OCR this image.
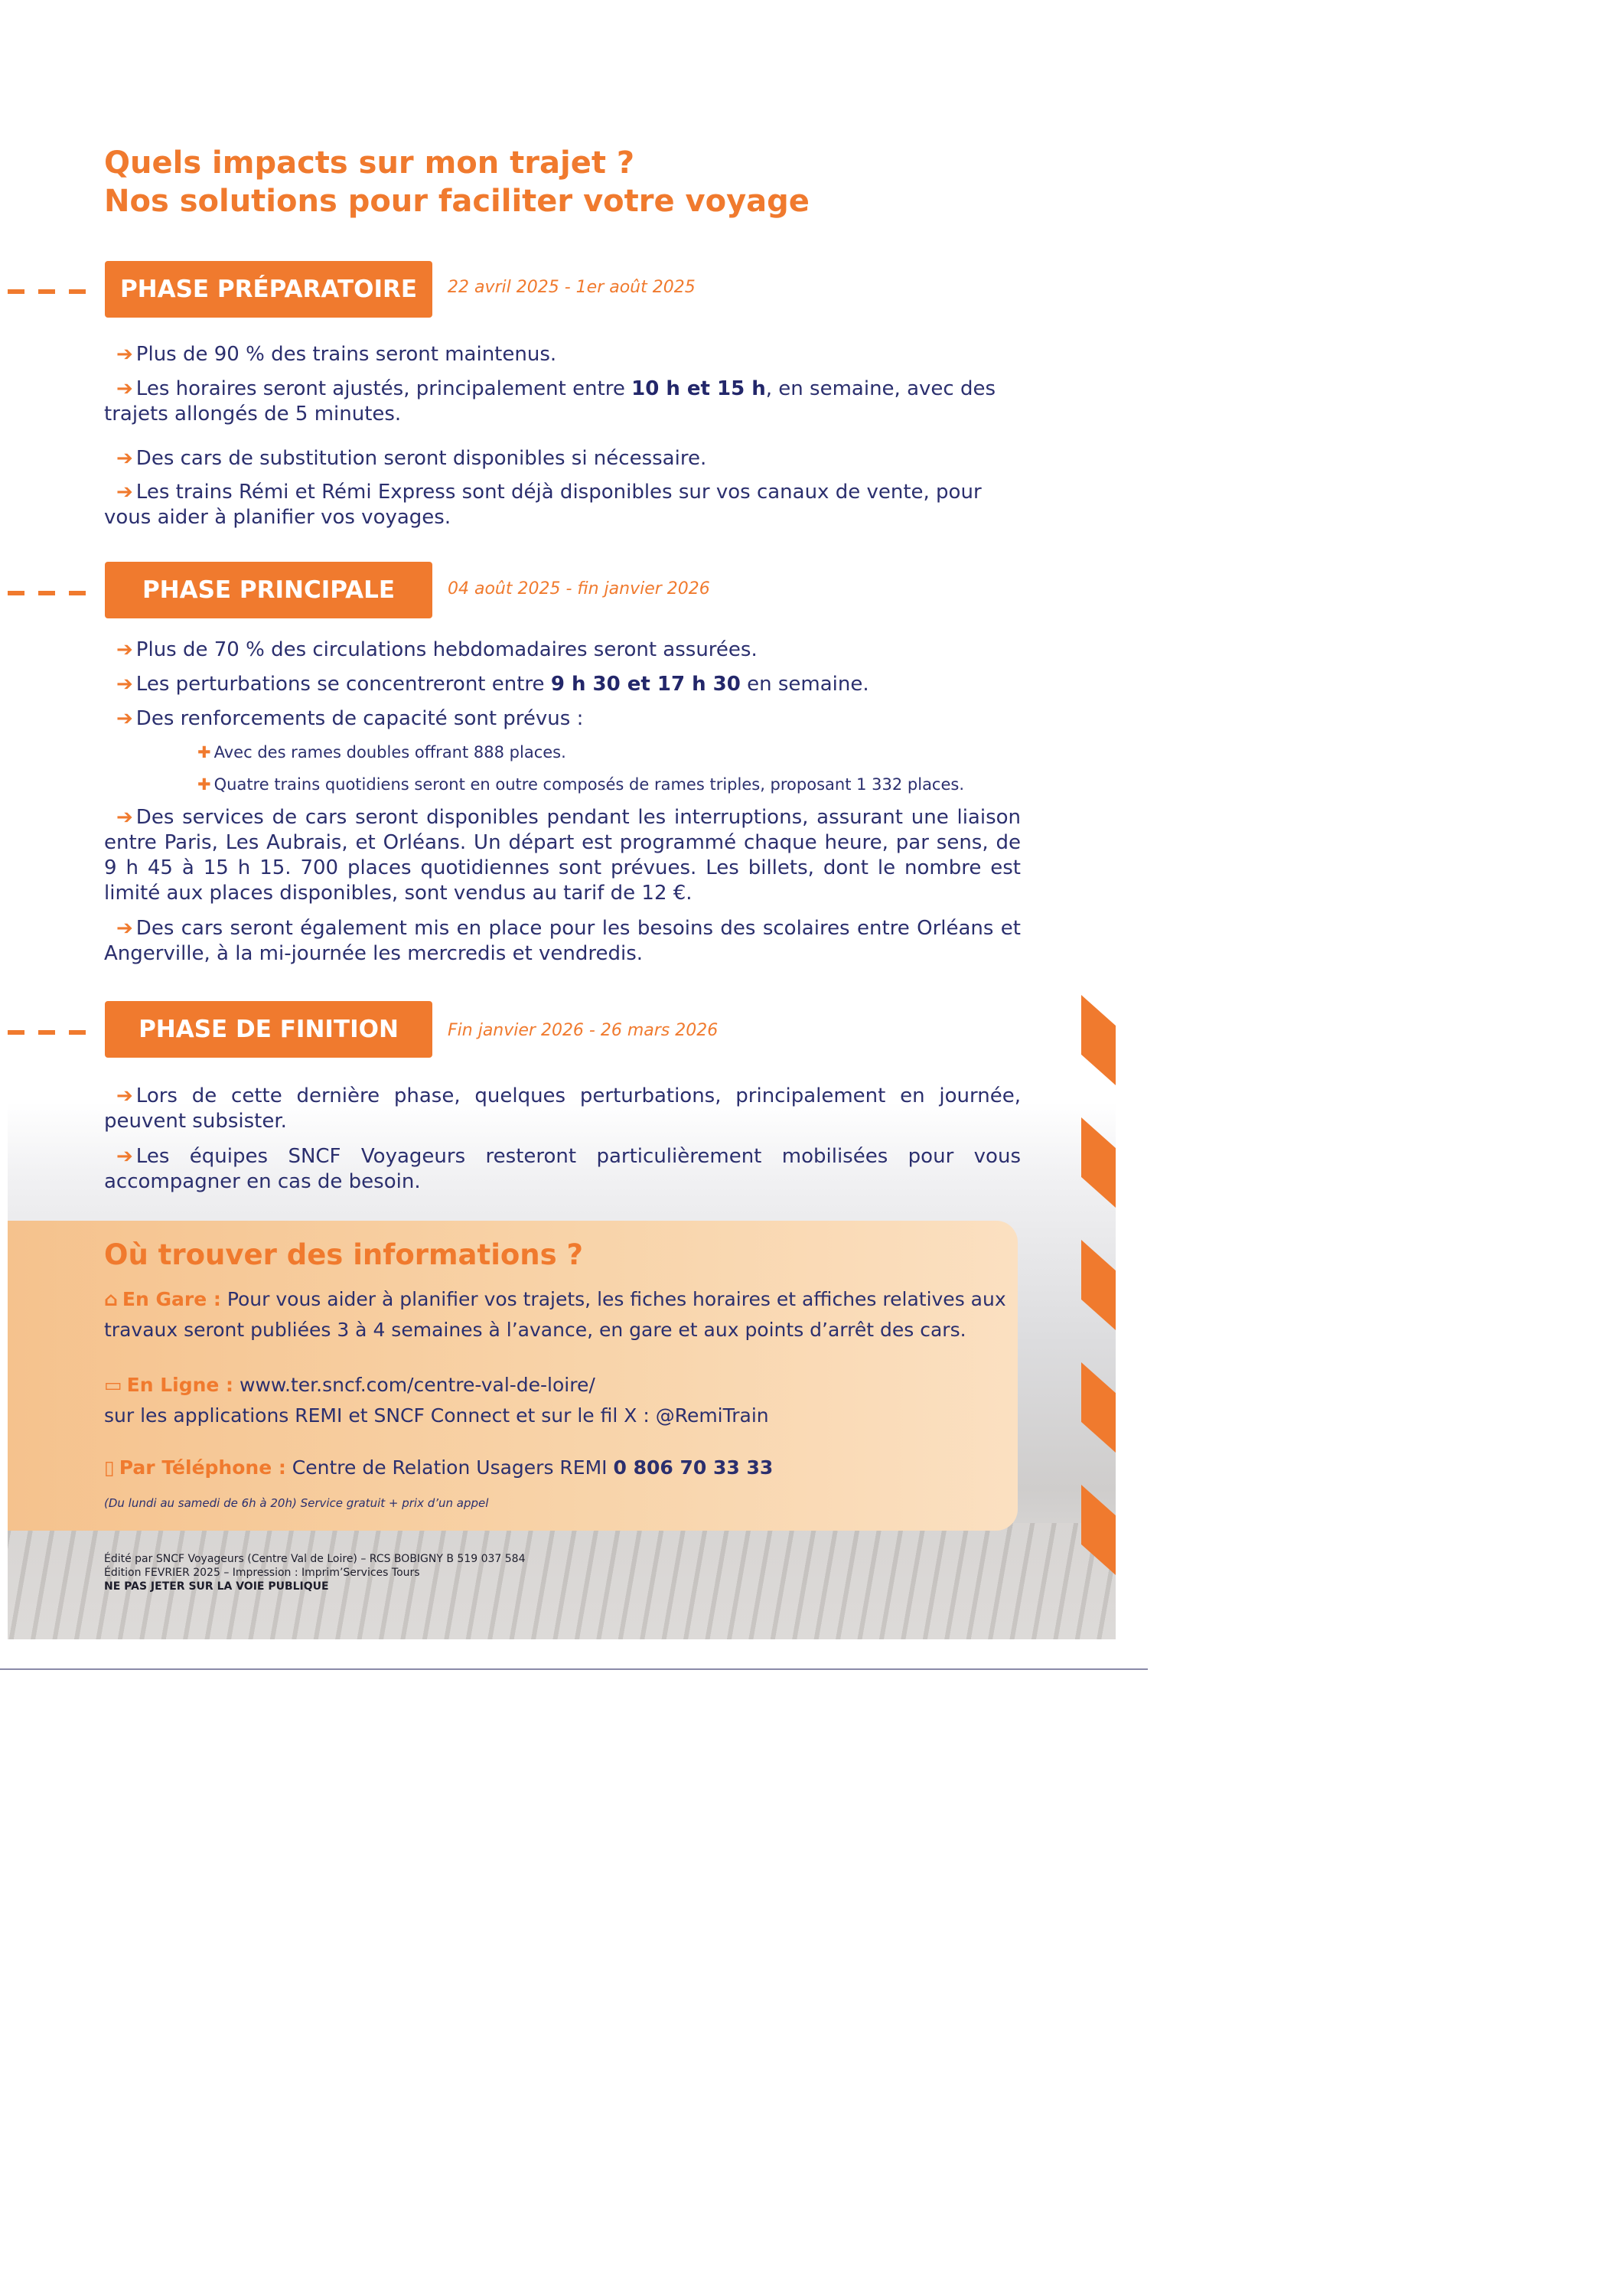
Quels impacts sur mon trajet ?
Nos solutions pour faciliter votre voyage
PHASE PRÉPARATOIRE	22 avril 2025 - 1er août 2025
➔ Plus de 90 % des trains seront maintenus.
➔ Les horaires seront ajustés, principalement entre 10 h et 15 h, en semaine, avec des trajets allongés de 5 minutes.
➔ Des cars de substitution seront disponibles si nécessaire.
➔ Les trains Rémi et Rémi Express sont déjà disponibles sur vos canaux de vente, pour vous aider à planifier vos voyages.
PHASE PRINCIPALE	04 août 2025 - fin janvier 2026
➔ Plus de 70 % des circulations hebdomadaires seront assurées.
➔ Les perturbations se concentreront entre 9 h 30 et 17 h 30 en semaine.
➔ Des renforcements de capacité sont prévus :
✚ Avec des rames doubles offrant 888 places.
✚ Quatre trains quotidiens seront en outre composés de rames triples, proposant 1 332 places.
➔ Des services de cars seront disponibles pendant les interruptions, assurant une liaison entre Paris, Les Aubrais, et Orléans. Un départ est programmé chaque heure, par sens, de 9 h 45 à 15 h 15. 700 places quotidiennes sont prévues. Les billets, dont le nombre est limité aux places disponibles, sont vendus au tarif de 12 €.
➔ Des cars seront également mis en place pour les besoins des scolaires entre Orléans et Angerville, à la mi-journée les mercredis et vendredis.
PHASE DE FINITION	Fin janvier 2026 - 26 mars 2026
➔ Lors de cette dernière phase, quelques perturbations, principalement en journée, peuvent subsister.
➔ Les équipes SNCF Voyageurs resteront particulièrement mobilisées pour vous accompagner en cas de besoin.
Où trouver des informations ?
⌂ En Gare : Pour vous aider à planifier vos trajets, les fiches horaires et affiches relatives aux travaux seront publiées 3 à 4 semaines à l’avance, en gare et aux points d’arrêt des cars.
▭ En Ligne : www.ter.sncf.com/centre-val-de-loire/
sur les applications REMI et SNCF Connect et sur le fil X : @RemiTrain
▯ Par Téléphone : Centre de Relation Usagers REMI 0 806 70 33 33
(Du lundi au samedi de 6h à 20h) Service gratuit + prix d’un appel
Édité par SNCF Voyageurs (Centre Val de Loire) – RCS BOBIGNY B 519 037 584
Édition FEVRIER 2025 – Impression : Imprim’Services Tours
NE PAS JETER SUR LA VOIE PUBLIQUE
